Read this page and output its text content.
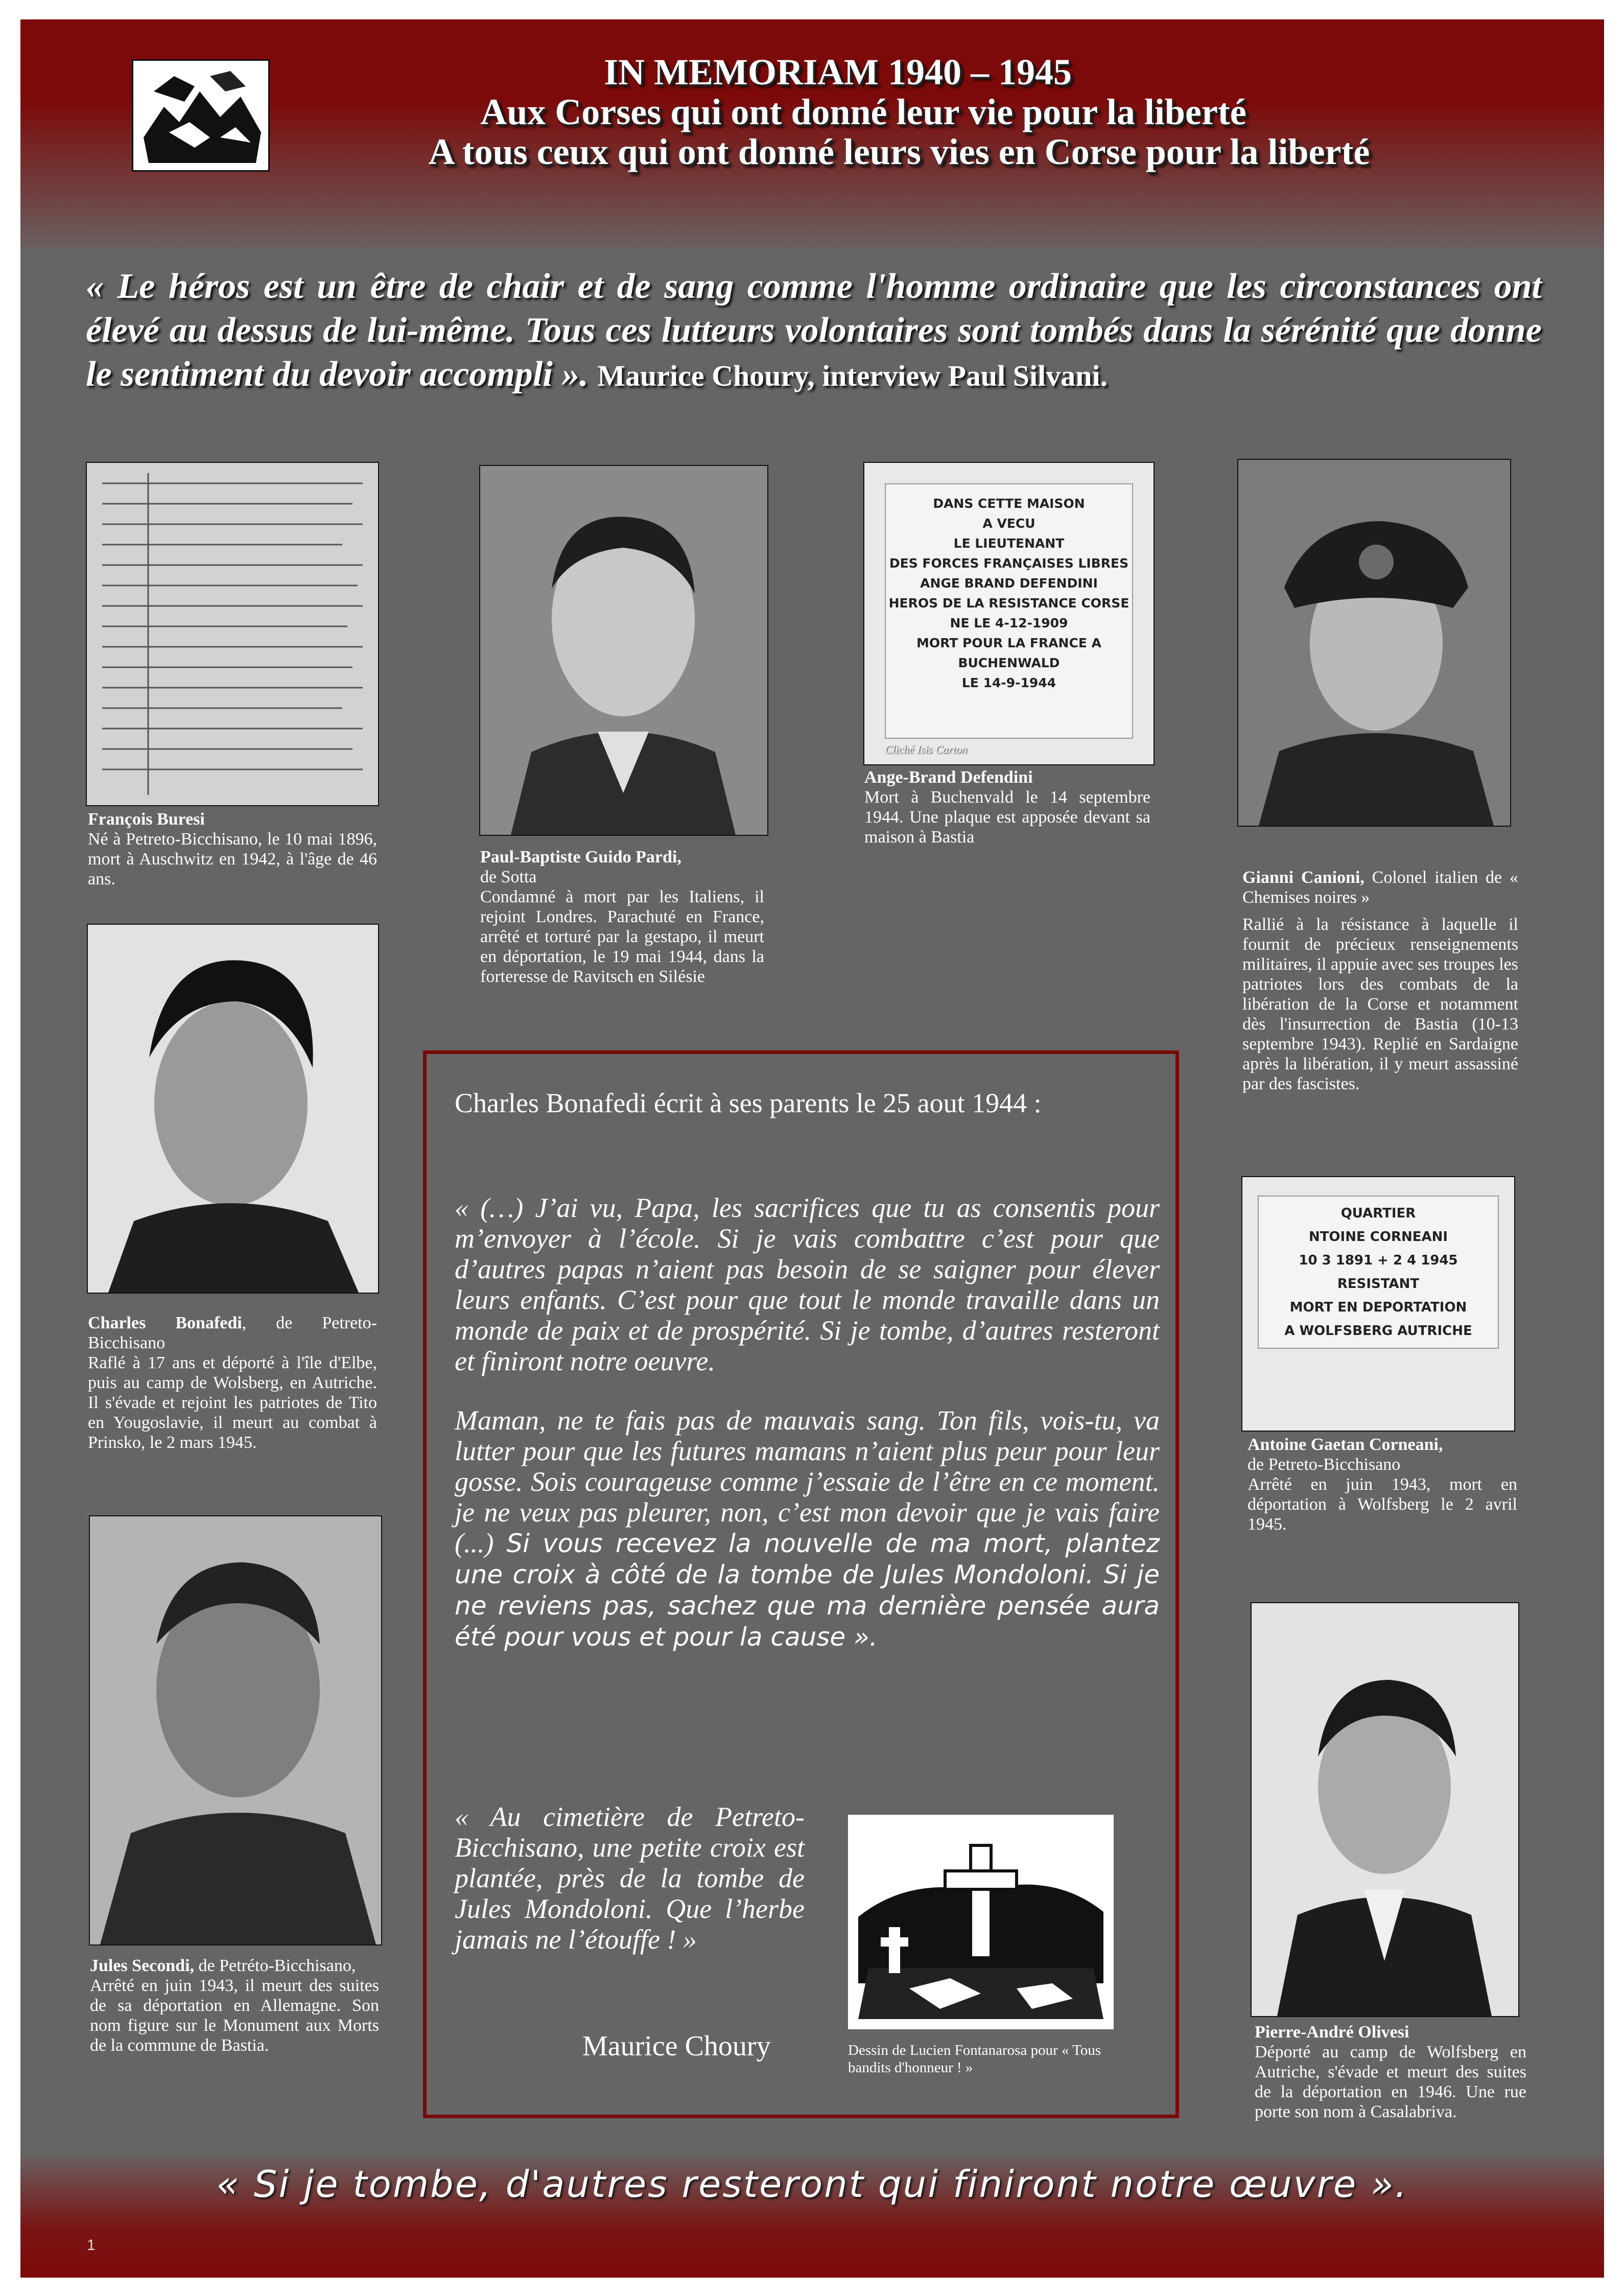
IN MEMORIAM 1940 – 1945
Aux Corses qui ont donné leur vie pour la liberté
A tous ceux qui ont donné leurs vies en Corse pour la liberté
« Le héros est un être de chair et de sang comme l'homme ordinaire que les circonstances ont élevé au dessus de lui-même. Tous ces lutteurs volontaires sont tombés dans la sérénité que donne le sentiment du devoir accompli ». Maurice Choury, interview Paul Silvani.
François Buresi
Né à Petreto-Bicchisano, le 10 mai 1896, mort à Auschwitz en 1942, à l'âge de 46 ans.
Paul-Baptiste Guido Pardi,
de Sotta
Condamné à mort par les Italiens, il rejoint Londres. Parachuté en France, arrêté et torturé par la gestapo, il meurt en déportation, le 19 mai 1944, dans la forteresse de Ravitsch en Silésie
DANS CETTE MAISON
A VECU
LE LIEUTENANT
DES FORCES FRANÇAISES LIBRES
ANGE BRAND DEFENDINI
HEROS DE LA RESISTANCE CORSE
NE LE 4-12-1909
MORT POUR LA FRANCE A BUCHENWALD
LE 14-9-1944
Cliché Isis Carton
Ange-Brand Defendini
Mort à Buchenvald le 14 septembre 1944. Une plaque est apposée devant sa maison à Bastia
Gianni Canioni, Colonel italien de « Chemises noires »
Rallié à la résistance à laquelle il fournit de précieux renseignements militaires, il appuie avec ses troupes les patriotes lors des combats de la libération de la Corse et notamment dès l'insurrection de Bastia (10-13 septembre 1943). Replié en Sardaigne après la libération, il y meurt assassiné par des fascistes.
Charles Bonafedi, de Petreto-Bicchisano
Raflé à 17 ans et déporté à l'île d'Elbe, puis au camp de Wolsberg, en Autriche. Il s'évade et rejoint les patriotes de Tito en Yougoslavie, il meurt au combat à Prinsko, le 2 mars 1945.
QUARTIER
NTOINE CORNEANI
10 3 1891 + 2 4 1945
RESISTANT
MORT EN DEPORTATION
A WOLFSBERG AUTRICHE
Antoine Gaetan Corneani,
de Petreto-Bicchisano
Arrêté en juin 1943, mort en déportation à Wolfsberg le 2 avril 1945.
Jules Secondi, de Petréto-Bicchisano,
Arrêté en juin 1943, il meurt des suites de sa déportation en Allemagne. Son nom figure sur le Monument aux Morts de la commune de Bastia.
Pierre-André Olivesi
Déporté au camp de Wolfsberg en Autriche, s'évade et meurt des suites de la déportation en 1946. Une rue porte son nom à Casalabriva.
Charles Bonafedi écrit à ses parents le 25 aout 1944 :

« (…) J’ai vu, Papa, les sacrifices que tu as consentis pour m’envoyer à l’école. Si je vais combattre c’est pour que d’autres papas n’aient pas besoin de se saigner pour élever leurs enfants. C’est pour que tout le monde travaille dans un monde de paix et de prospérité. Si je tombe, d’autres resteront et finiront notre oeuvre.

Maman, ne te fais pas de mauvais sang. Ton fils, vois-tu, va lutter pour que les futures mamans n’aient plus peur pour leur gosse. Sois courageuse comme j’essaie de l’être en ce moment. je ne veux pas pleurer, non, c’est mon devoir que je vais faire (...) Si vous recevez la nouvelle de ma mort, plantez une croix à côté de la tombe de Jules Mondoloni. Si je ne reviens pas, sachez que ma dernière pensée aura été pour vous et pour la cause ».

« Au cimetière de Petreto-Bicchisano, une petite croix est plantée, près de la tombe de Jules Mondoloni. Que l’herbe jamais ne l’étouffe ! »
Maurice Choury	Dessin de Lucien Fontanarosa pour « Tous bandits d'honneur ! »
« Si je tombe, d'autres resteront qui finiront notre œuvre ».
1
